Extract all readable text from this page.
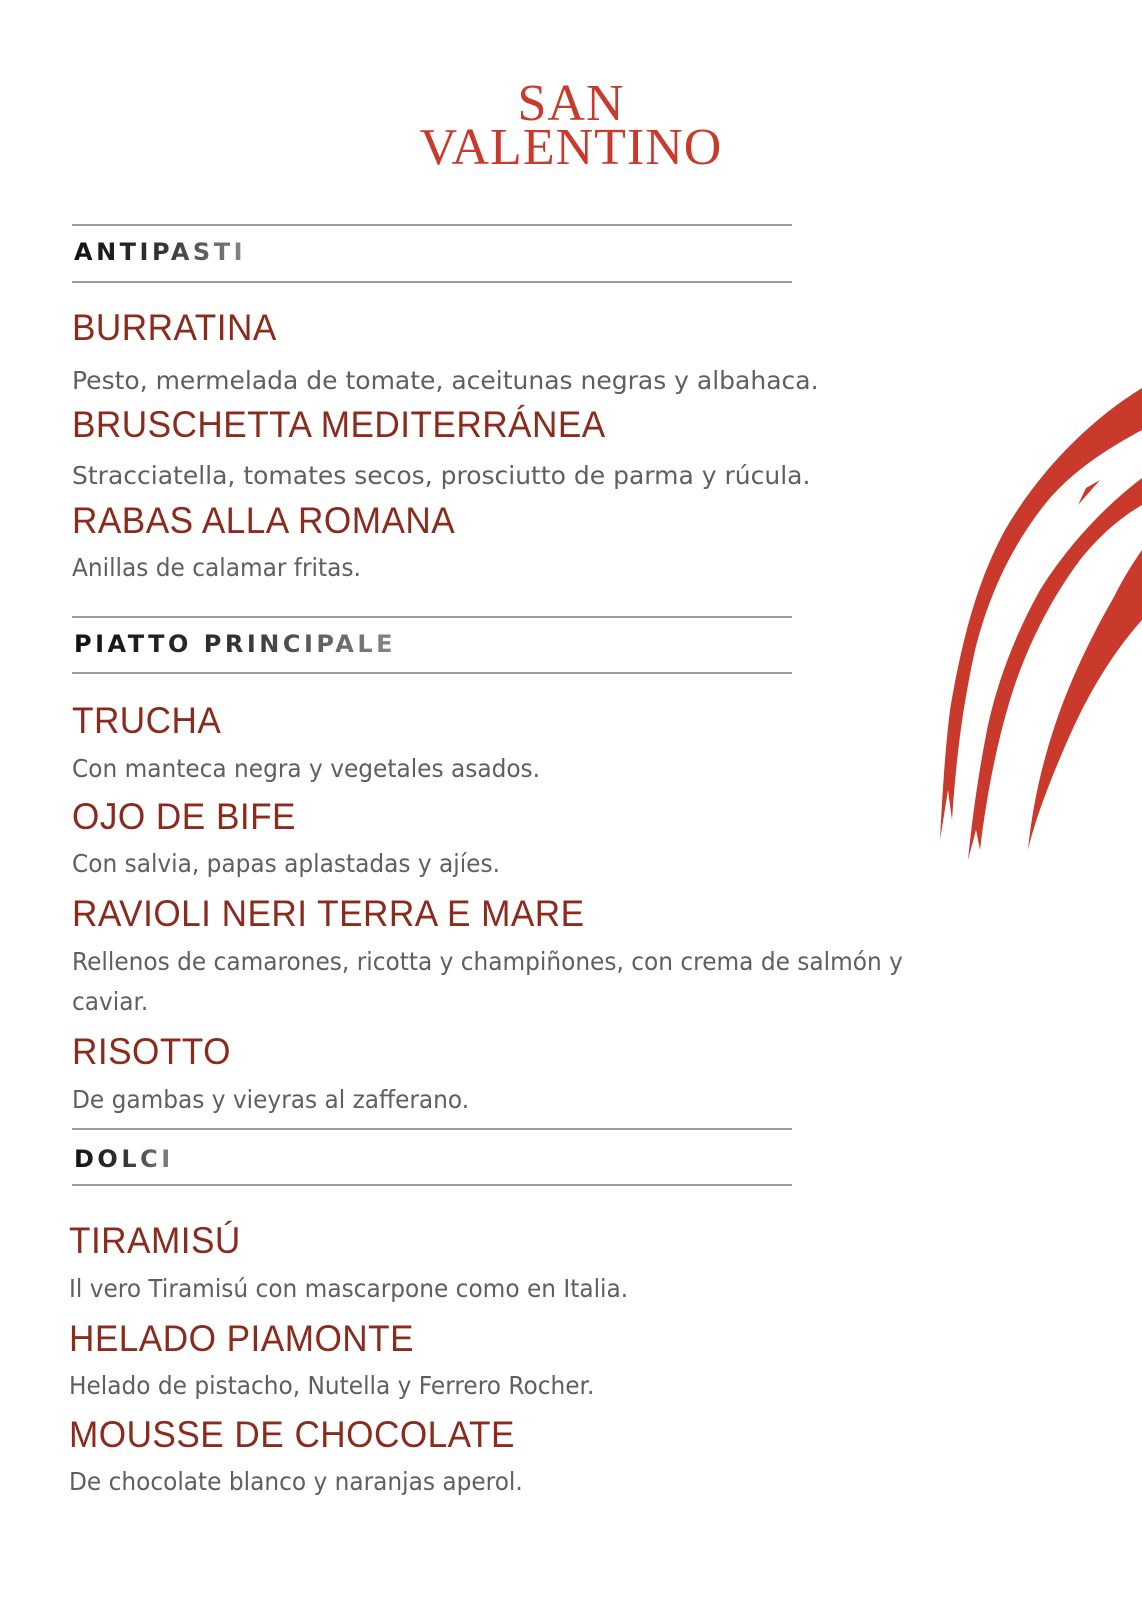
SAN
VALENTINO
ANTIPASTI
BURRATINA
Pesto, mermelada de tomate, aceitunas negras y albahaca.
BRUSCHETTA MEDITERRÁNEA
Stracciatella, tomates secos, prosciutto de parma y rúcula.
RABAS ALLA ROMANA
Anillas de calamar fritas.
PIATTO PRINCIPALE
TRUCHA
Con manteca negra y vegetales asados.
OJO DE BIFE
Con salvia, papas aplastadas y ajíes.
RAVIOLI NERI TERRA E MARE
Rellenos de camarones, ricotta y champiñones, con crema de salmón y caviar.
RISOTTO
De gambas y vieyras al zafferano.
DOLCI
TIRAMISÚ
Il vero Tiramisú con mascarpone como en Italia.
HELADO PIAMONTE
Helado de pistacho, Nutella y Ferrero Rocher.
MOUSSE DE CHOCOLATE
De chocolate blanco y naranjas aperol.
